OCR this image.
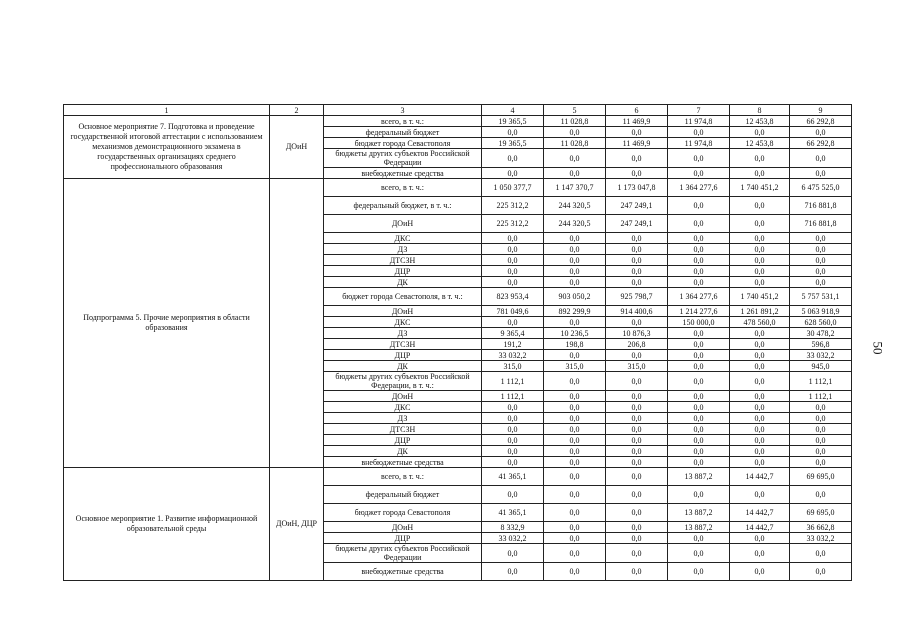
1	2	3	4	5	6	7	8	9
Основное мероприятие 7. Подготовка и проведение государственной итоговой аттестации с использованием механизмов демонстрационного экзамена в государственных организациях среднего профессионального образования	ДОиН	всего, в т. ч.:	19 365,5	11 028,8	11 469,9	11 974,8	12 453,8	66 292,8
		федеральный бюджет	0,0	0,0	0,0	0,0	0,0	0,0
		бюджет города Севастополя	19 365,5	11 028,8	11 469,9	11 974,8	12 453,8	66 292,8
		бюджеты других субъектов Российской Федерации	0,0	0,0	0,0	0,0	0,0	0,0
		внебюджетные средства	0,0	0,0	0,0	0,0	0,0	0,0
Подпрограмма 5. Прочие мероприятия в области образования		всего, в т. ч.:	1 050 377,7	1 147 370,7	1 173 047,8	1 364 277,6	1 740 451,2	6 475 525,0
		федеральный бюджет, в т. ч.:	225 312,2	244 320,5	247 249,1	0,0	0,0	716 881,8
		ДОиН	225 312,2	244 320,5	247 249,1	0,0	0,0	716 881,8
		ДКС	0,0	0,0	0,0	0,0	0,0	0,0
		ДЗ	0,0	0,0	0,0	0,0	0,0	0,0
		ДТСЗН	0,0	0,0	0,0	0,0	0,0	0,0
		ДЦР	0,0	0,0	0,0	0,0	0,0	0,0
		ДК	0,0	0,0	0,0	0,0	0,0	0,0
		бюджет города Севастополя, в т. ч.:	823 953,4	903 050,2	925 798,7	1 364 277,6	1 740 451,2	5 757 531,1
		ДОиН	781 049,6	892 299,9	914 400,6	1 214 277,6	1 261 891,2	5 063 918,9
		ДКС	0,0	0,0	0,0	150 000,0	478 560,0	628 560,0
		ДЗ	9 365,4	10 236,5	10 876,3	0,0	0,0	30 478,2
		ДТСЗН	191,2	198,8	206,8	0,0	0,0	596,8
		ДЦР	33 032,2	0,0	0,0	0,0	0,0	33 032,2
		ДК	315,0	315,0	315,0	0,0	0,0	945,0
		бюджеты других субъектов Российской Федерации, в т. ч.:	1 112,1	0,0	0,0	0,0	0,0	1 112,1
		ДОиН	1 112,1	0,0	0,0	0,0	0,0	1 112,1
		ДКС	0,0	0,0	0,0	0,0	0,0	0,0
		ДЗ	0,0	0,0	0,0	0,0	0,0	0,0
		ДТСЗН	0,0	0,0	0,0	0,0	0,0	0,0
		ДЦР	0,0	0,0	0,0	0,0	0,0	0,0
		ДК	0,0	0,0	0,0	0,0	0,0	0,0
		внебюджетные средства	0,0	0,0	0,0	0,0	0,0	0,0
Основное мероприятие 1. Развитие информационной образовательной среды	ДОиН, ДЦР	всего, в т. ч.:	41 365,1	0,0	0,0	13 887,2	14 442,7	69 695,0
		федеральный бюджет	0,0	0,0	0,0	0,0	0,0	0,0
		бюджет города Севастополя	41 365,1	0,0	0,0	13 887,2	14 442,7	69 695,0
		ДОиН	8 332,9	0,0	0,0	13 887,2	14 442,7	36 662,8
		ДЦР	33 032,2	0,0	0,0	0,0	0,0	33 032,2
		бюджеты других субъектов Российской Федерации	0,0	0,0	0,0	0,0	0,0	0,0
		внебюджетные средства	0,0	0,0	0,0	0,0	0,0	0,0
50
